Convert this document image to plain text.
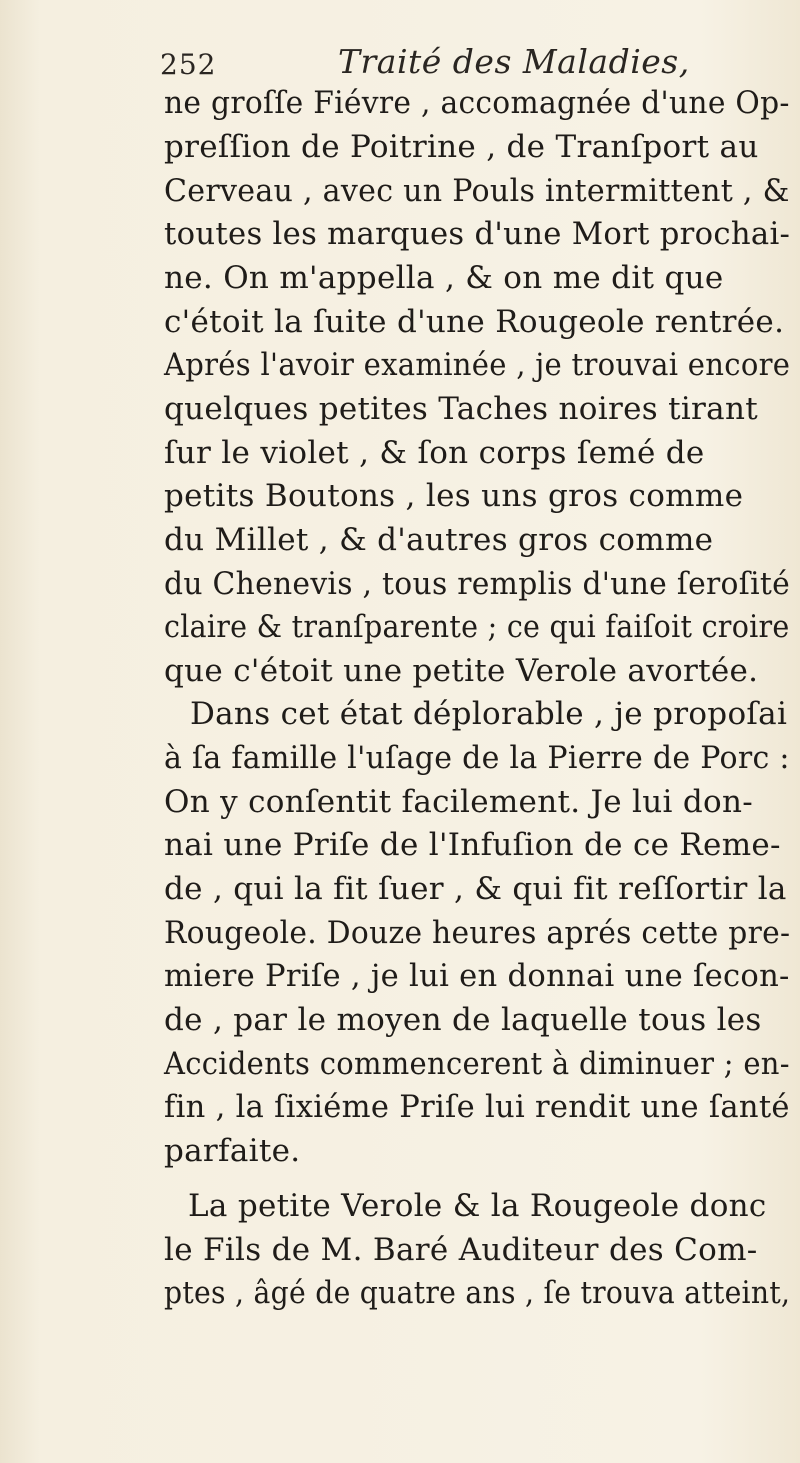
252	Traité des Maladies,
ne groſſe Fiévre , accomagnée d'une Op-
preſſion de Poitrine , de Tranſport au
Cerveau , avec un Pouls intermittent , &
toutes les marques d'une Mort prochai-
ne. On m'appella , & on me dit que
c'étoit la ſuite d'une Rougeole rentrée.
Aprés l'avoir examinée , je trouvai encore
quelques petites Taches noires tirant
ſur le violet , & ſon corps ſemé de
petits Boutons , les uns gros comme
du Millet , & d'autres gros comme
du Chenevis , tous remplis d'une ſeroſité
claire & tranſparente ; ce qui faiſoit croire
que c'étoit une petite Verole avortée.
Dans cet état déplorable , je propoſai
à ſa famille l'uſage de la Pierre de Porc :
On y conſentit facilement. Je lui don-
nai une Priſe de l'Infuſion de ce Reme-
de , qui la fit ſuer , & qui fit reſſortir la
Rougeole. Douze heures aprés cette pre-
miere Priſe , je lui en donnai une ſecon-
de , par le moyen de laquelle tous les
Accidents commencerent à diminuer ; en-
fin , la ſixiéme Priſe lui rendit une ſanté
parfaite.
La petite Verole & la Rougeole donc
le Fils de M. Baré Auditeur des Com-
ptes , âgé de quatre ans , ſe trouva atteint,
